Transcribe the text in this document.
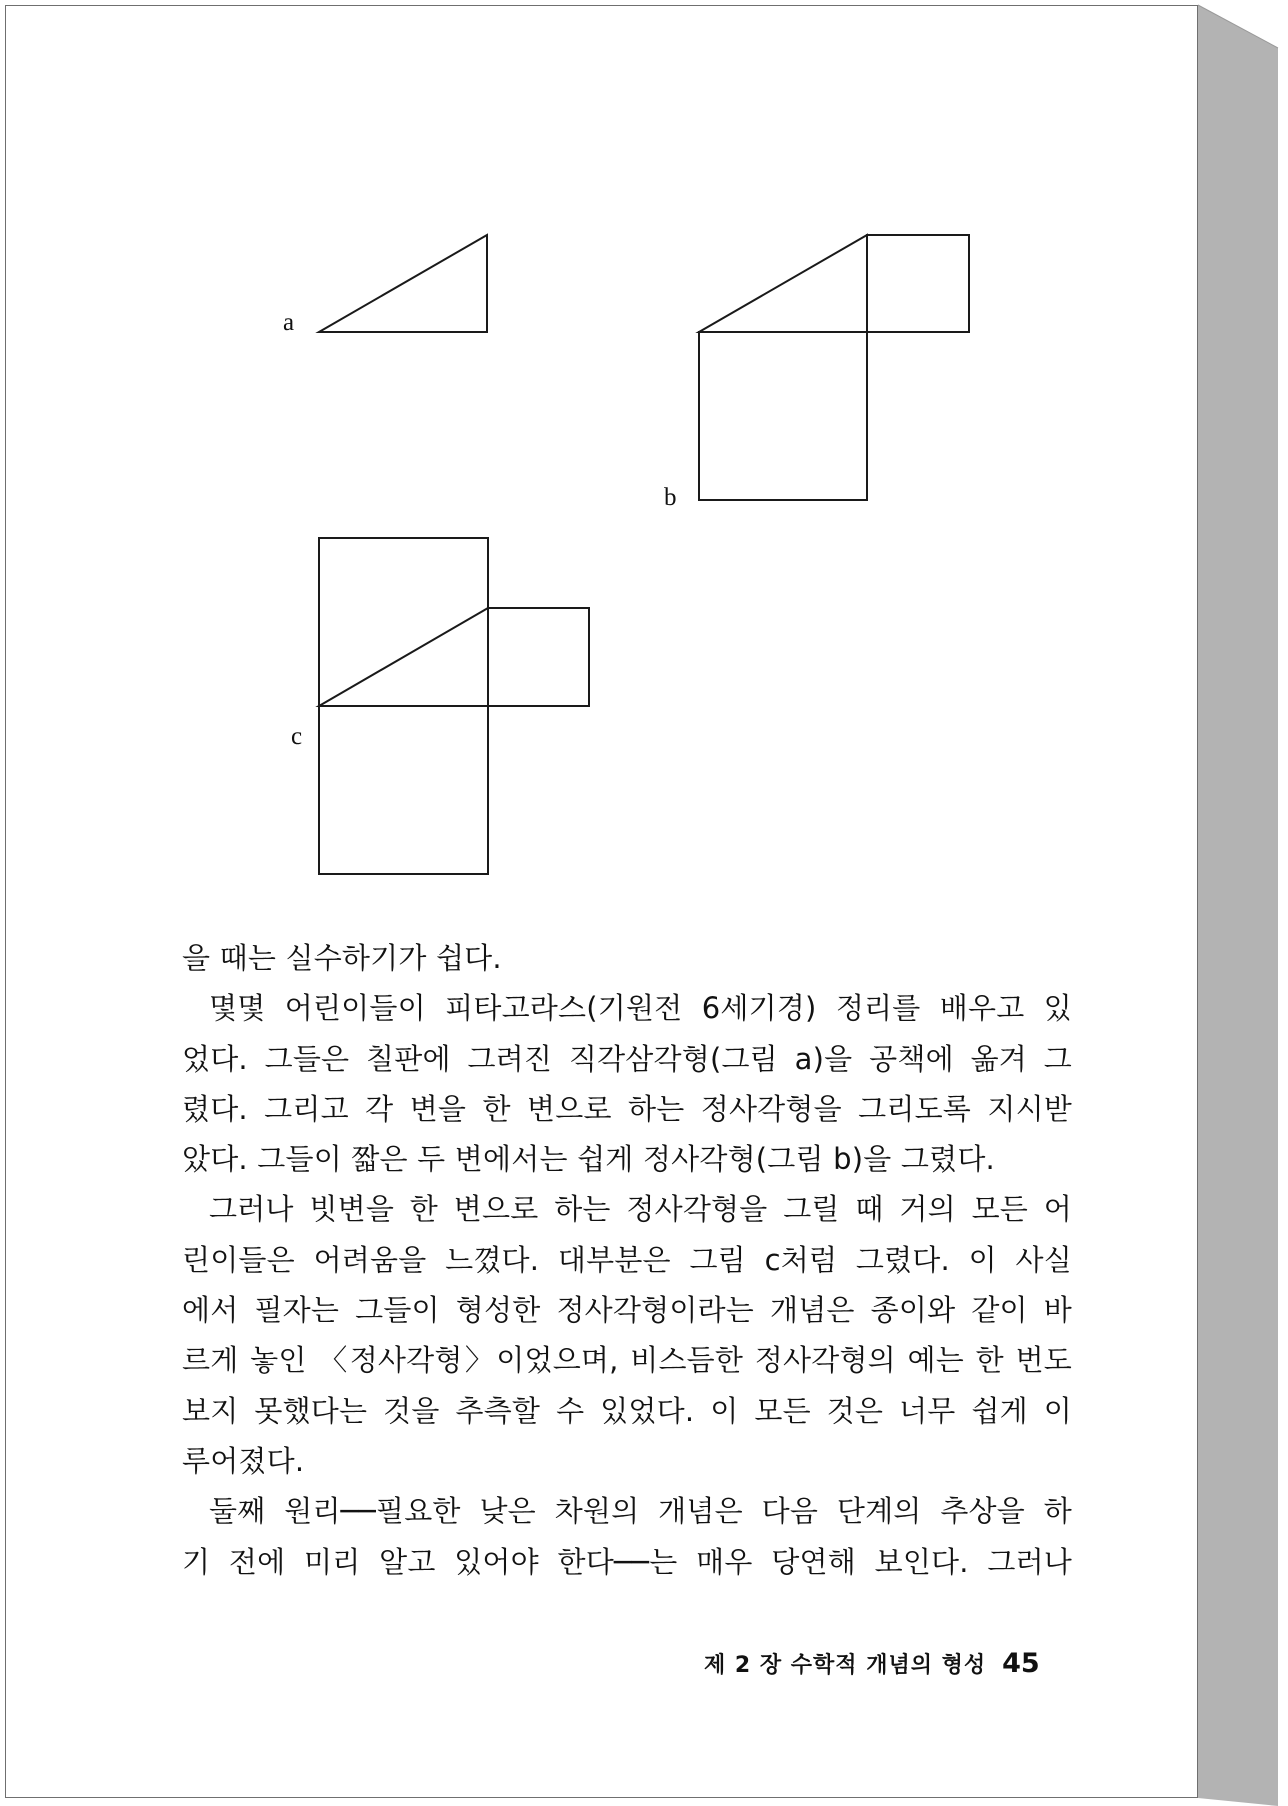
a
b
c
을 때는 실수하기가 쉽다.
몇몇 어린이들이 피타고라스(기원전 6세기경) 정리를 배우고 있
었다. 그들은 칠판에 그려진 직각삼각형(그림 a)을 공책에 옮겨 그
렸다. 그리고 각 변을 한 변으로 하는 정사각형을 그리도록 지시받
았다. 그들이 짧은 두 변에서는 쉽게 정사각형(그림 b)을 그렸다.
그러나 빗변을 한 변으로 하는 정사각형을 그릴 때 거의 모든 어
린이들은 어려움을 느꼈다. 대부분은 그림 c처럼 그렸다. 이 사실
에서 필자는 그들이 형성한 정사각형이라는 개념은 종이와 같이 바
르게 놓인 〈정사각형〉이었으며, 비스듬한 정사각형의 예는 한 번도
보지 못했다는 것을 추측할 수 있었다. 이 모든 것은 너무 쉽게 이
루어졌다.
둘째 원리──필요한 낮은 차원의 개념은 다음 단계의 추상을 하
기 전에 미리 알고 있어야 한다──는 매우 당연해 보인다. 그러나
제 2 장 수학적 개념의 형성 45
